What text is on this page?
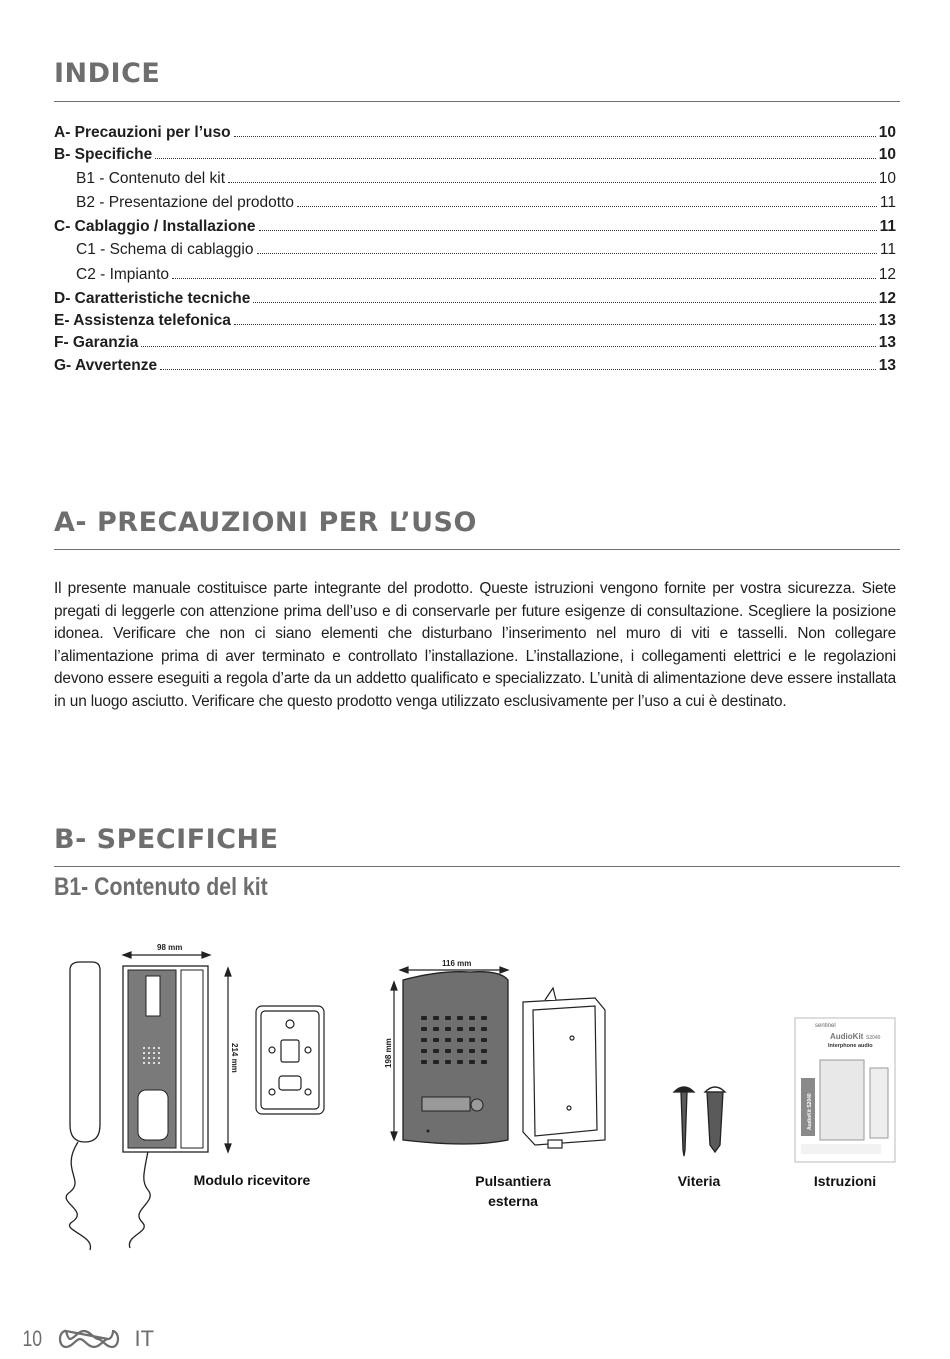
INDICE
A- Precauzioni per l’uso	10
B- Specifiche	10
B1 - Contenuto del kit	10
B2 - Presentazione del prodotto	11
C- Cablaggio / Installazione	11
C1 - Schema di cablaggio	11
C2 - Impianto	12
D- Caratteristiche tecniche	12
E- Assistenza telefonica	13
F- Garanzia	13
G- Avvertenze	13
A- PRECAUZIONI PER L’USO

Il presente manuale costituisce parte integrante del prodotto. Queste istruzioni vengono fornite per vostra sicurezza. Siete pregati di leggerle con attenzione prima dell’uso e di conservarle per future esigenze di consultazione. Scegliere la posizione idonea. Verificare che non ci siano elementi che disturbano l’inserimento nel muro di viti e tasselli. Non collegare l’alimentazione prima di aver terminato e controllato l’installazione. L’installazione, i collegamenti elettrici e le regolazioni devono essere eseguiti a regola d’arte da un addetto qualificato e specializzato. L’unità di alimentazione deve essere installata in un luogo asciutto. Verificare che questo prodotto venga utilizzato esclusivamente per l’uso a cui è destinato.

B- SPECIFICHE
B1- Contenuto del kit
98 mm
214 mm
116 mm
198 mm
sentinel
AudioKit S2040
Interphone audio
AudioKit S2040
Modulo ricevitore	Pulsantiera
esterna
Viteria	Istruzioni
10	IT
